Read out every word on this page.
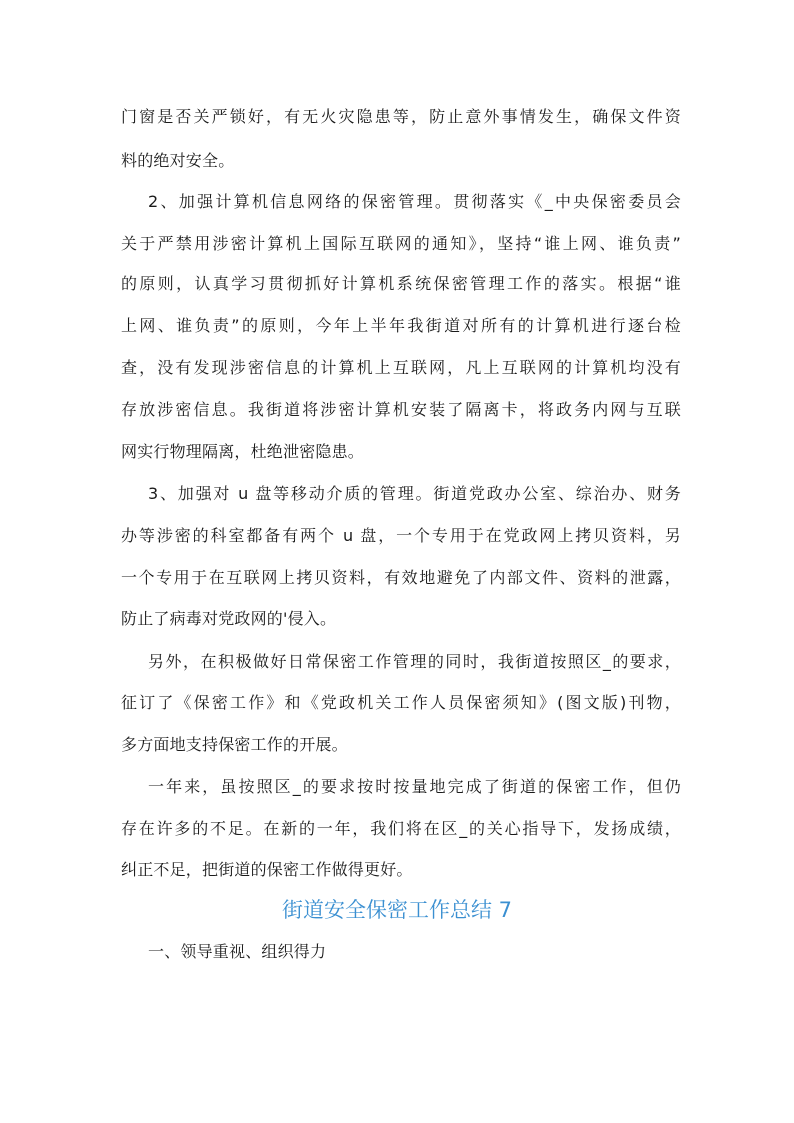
门窗是否关严锁好，有无火灾隐患等，防止意外事情发生，确保文件资
料的绝对安全。
2、加强计算机信息网络的保密管理。贯彻落实《_中央保密委员会
关于严禁用涉密计算机上国际互联网的通知》，坚持“谁上网、谁负责”
的原则，认真学习贯彻抓好计算机系统保密管理工作的落实。根据“谁
上网、谁负责”的原则，今年上半年我街道对所有的计算机进行逐台检
查，没有发现涉密信息的计算机上互联网，凡上互联网的计算机均没有
存放涉密信息。我街道将涉密计算机安装了隔离卡，将政务内网与互联
网实行物理隔离，杜绝泄密隐患。
3、加强对 u 盘等移动介质的管理。街道党政办公室、综治办、财务
办等涉密的科室都备有两个 u 盘，一个专用于在党政网上拷贝资料，另
一个专用于在互联网上拷贝资料，有效地避免了内部文件、资料的泄露，
防止了病毒对党政网的'侵入。
另外，在积极做好日常保密工作管理的同时，我街道按照区_的要求，
征订了《保密工作》和《党政机关工作人员保密须知》(图文版)刊物，
多方面地支持保密工作的开展。
一年来，虽按照区_的要求按时按量地完成了街道的保密工作，但仍
存在许多的不足。在新的一年，我们将在区_的关心指导下，发扬成绩，
纠正不足，把街道的保密工作做得更好。
街道安全保密工作总结 7
一、领导重视、组织得力
